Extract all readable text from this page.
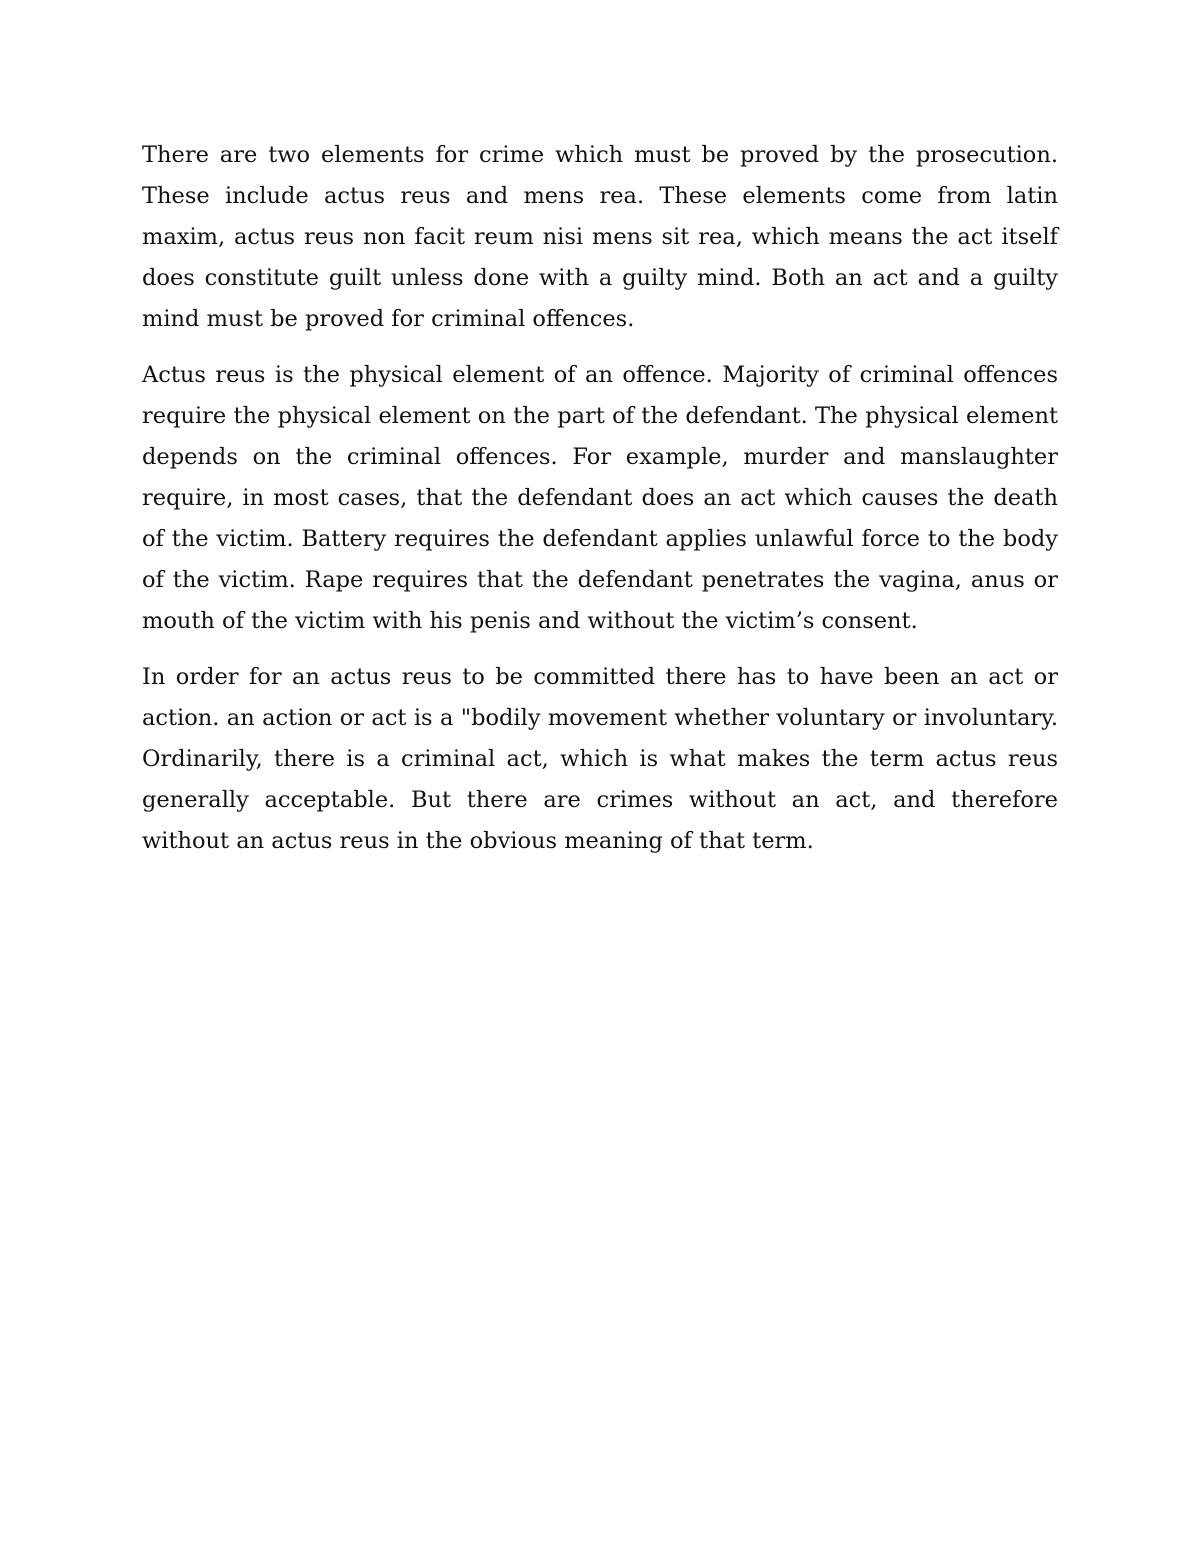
There are two elements for crime which must be proved by the prosecution. These include actus reus and mens rea. These elements come from latin maxim, actus reus non facit reum nisi mens sit rea, which means the act itself does constitute guilt unless done with a guilty mind. Both an act and a guilty mind must be proved for criminal offences.

Actus reus is the physical element of an offence. Majority of criminal offences require the physical element on the part of the defendant. The physical element depends on the criminal offences. For example, murder and manslaughter require, in most cases, that the defendant does an act which causes the death of the victim. Battery requires the defendant applies unlawful force to the body of the victim. Rape requires that the defendant penetrates the vagina, anus or mouth of the victim with his penis and without the victim’s consent.

In order for an actus reus to be committed there has to have been an act or action. an action or act is a "bodily movement whether voluntary or involuntary. Ordinarily, there is a criminal act, which is what makes the term actus reus generally acceptable. But there are crimes without an act, and therefore without an actus reus in the obvious meaning of that term.
